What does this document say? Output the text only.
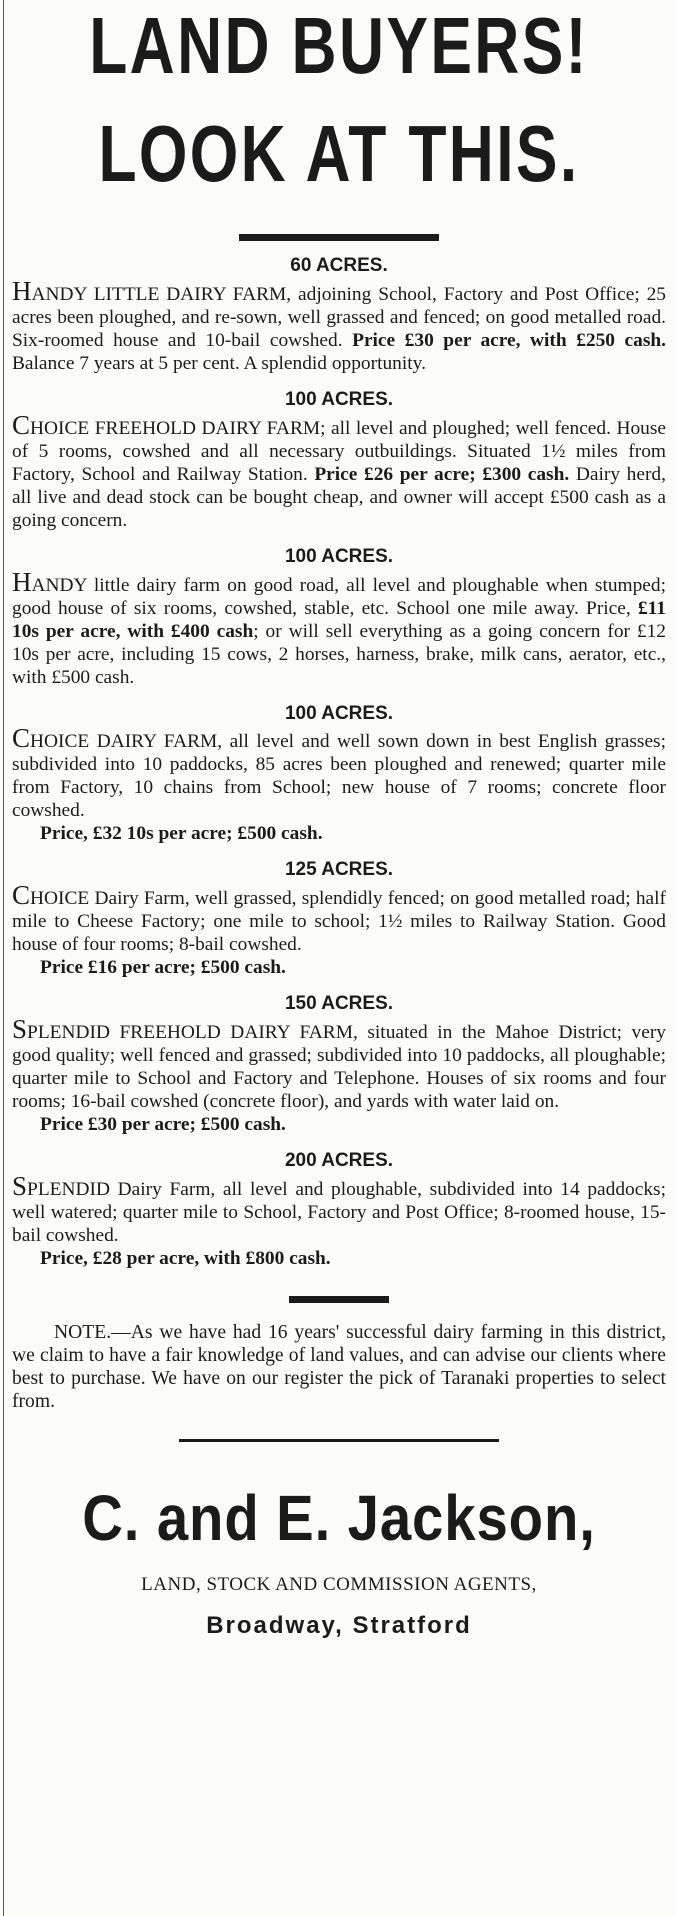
LAND BUYERS!
LOOK AT THIS.
60 ACRES.

HANDY LITTLE DAIRY FARM, adjoining School, Factory and Post Office; 25 acres been ploughed, and re-sown, well grassed and fenced; on good metalled road. Six-roomed house and 10-bail cowshed. Price £30 per acre, with £250 cash. Balance 7 years at 5 per cent. A splendid opportunity.

100 ACRES.

CHOICE FREEHOLD DAIRY FARM; all level and ploughed; well fenced. House of 5 rooms, cowshed and all necessary outbuildings. Situated 1½ miles from Factory, School and Railway Station. Price £26 per acre; £300 cash. Dairy herd, all live and dead stock can be bought cheap, and owner will accept £500 cash as a going concern.

100 ACRES.

HANDY little dairy farm on good road, all level and ploughable when stumped; good house of six rooms, cowshed, stable, etc. School one mile away. Price, £11 10s per acre, with £400 cash; or will sell everything as a going concern for £12 10s per acre, including 15 cows, 2 horses, harness, brake, milk cans, aerator, etc., with £500 cash.

100 ACRES.

CHOICE DAIRY FARM, all level and well sown down in best English grasses; subdivided into 10 paddocks, 85 acres been ploughed and renewed; quarter mile from Factory, 10 chains from School; new house of 7 rooms; concrete floor cowshed.

Price, £32 10s per acre; £500 cash.

125 ACRES.

CHOICE Dairy Farm, well grassed, splendidly fenced; on good metalled road; half mile to Cheese Factory; one mile to school; 1½ miles to Railway Station. Good house of four rooms; 8-bail cowshed.

Price £16 per acre; £500 cash.

150 ACRES.

SPLENDID FREEHOLD DAIRY FARM, situated in the Mahoe District; very good quality; well fenced and grassed; subdivided into 10 paddocks, all ploughable; quarter mile to School and Factory and Telephone. Houses of six rooms and four rooms; 16-bail cowshed (concrete floor), and yards with water laid on.

Price £30 per acre; £500 cash.

200 ACRES.

SPLENDID Dairy Farm, all level and ploughable, subdivided into 14 paddocks; well watered; quarter mile to School, Factory and Post Office; 8-roomed house, 15-bail cowshed.

Price, £28 per acre, with £800 cash.

NOTE.—As we have had 16 years' successful dairy farming in this district, we claim to have a fair knowledge of land values, and can advise our clients where best to purchase. We have on our register the pick of Taranaki properties to select from.

C. and E. Jackson,
LAND, STOCK AND COMMISSION AGENTS,
Broadway, Stratford
